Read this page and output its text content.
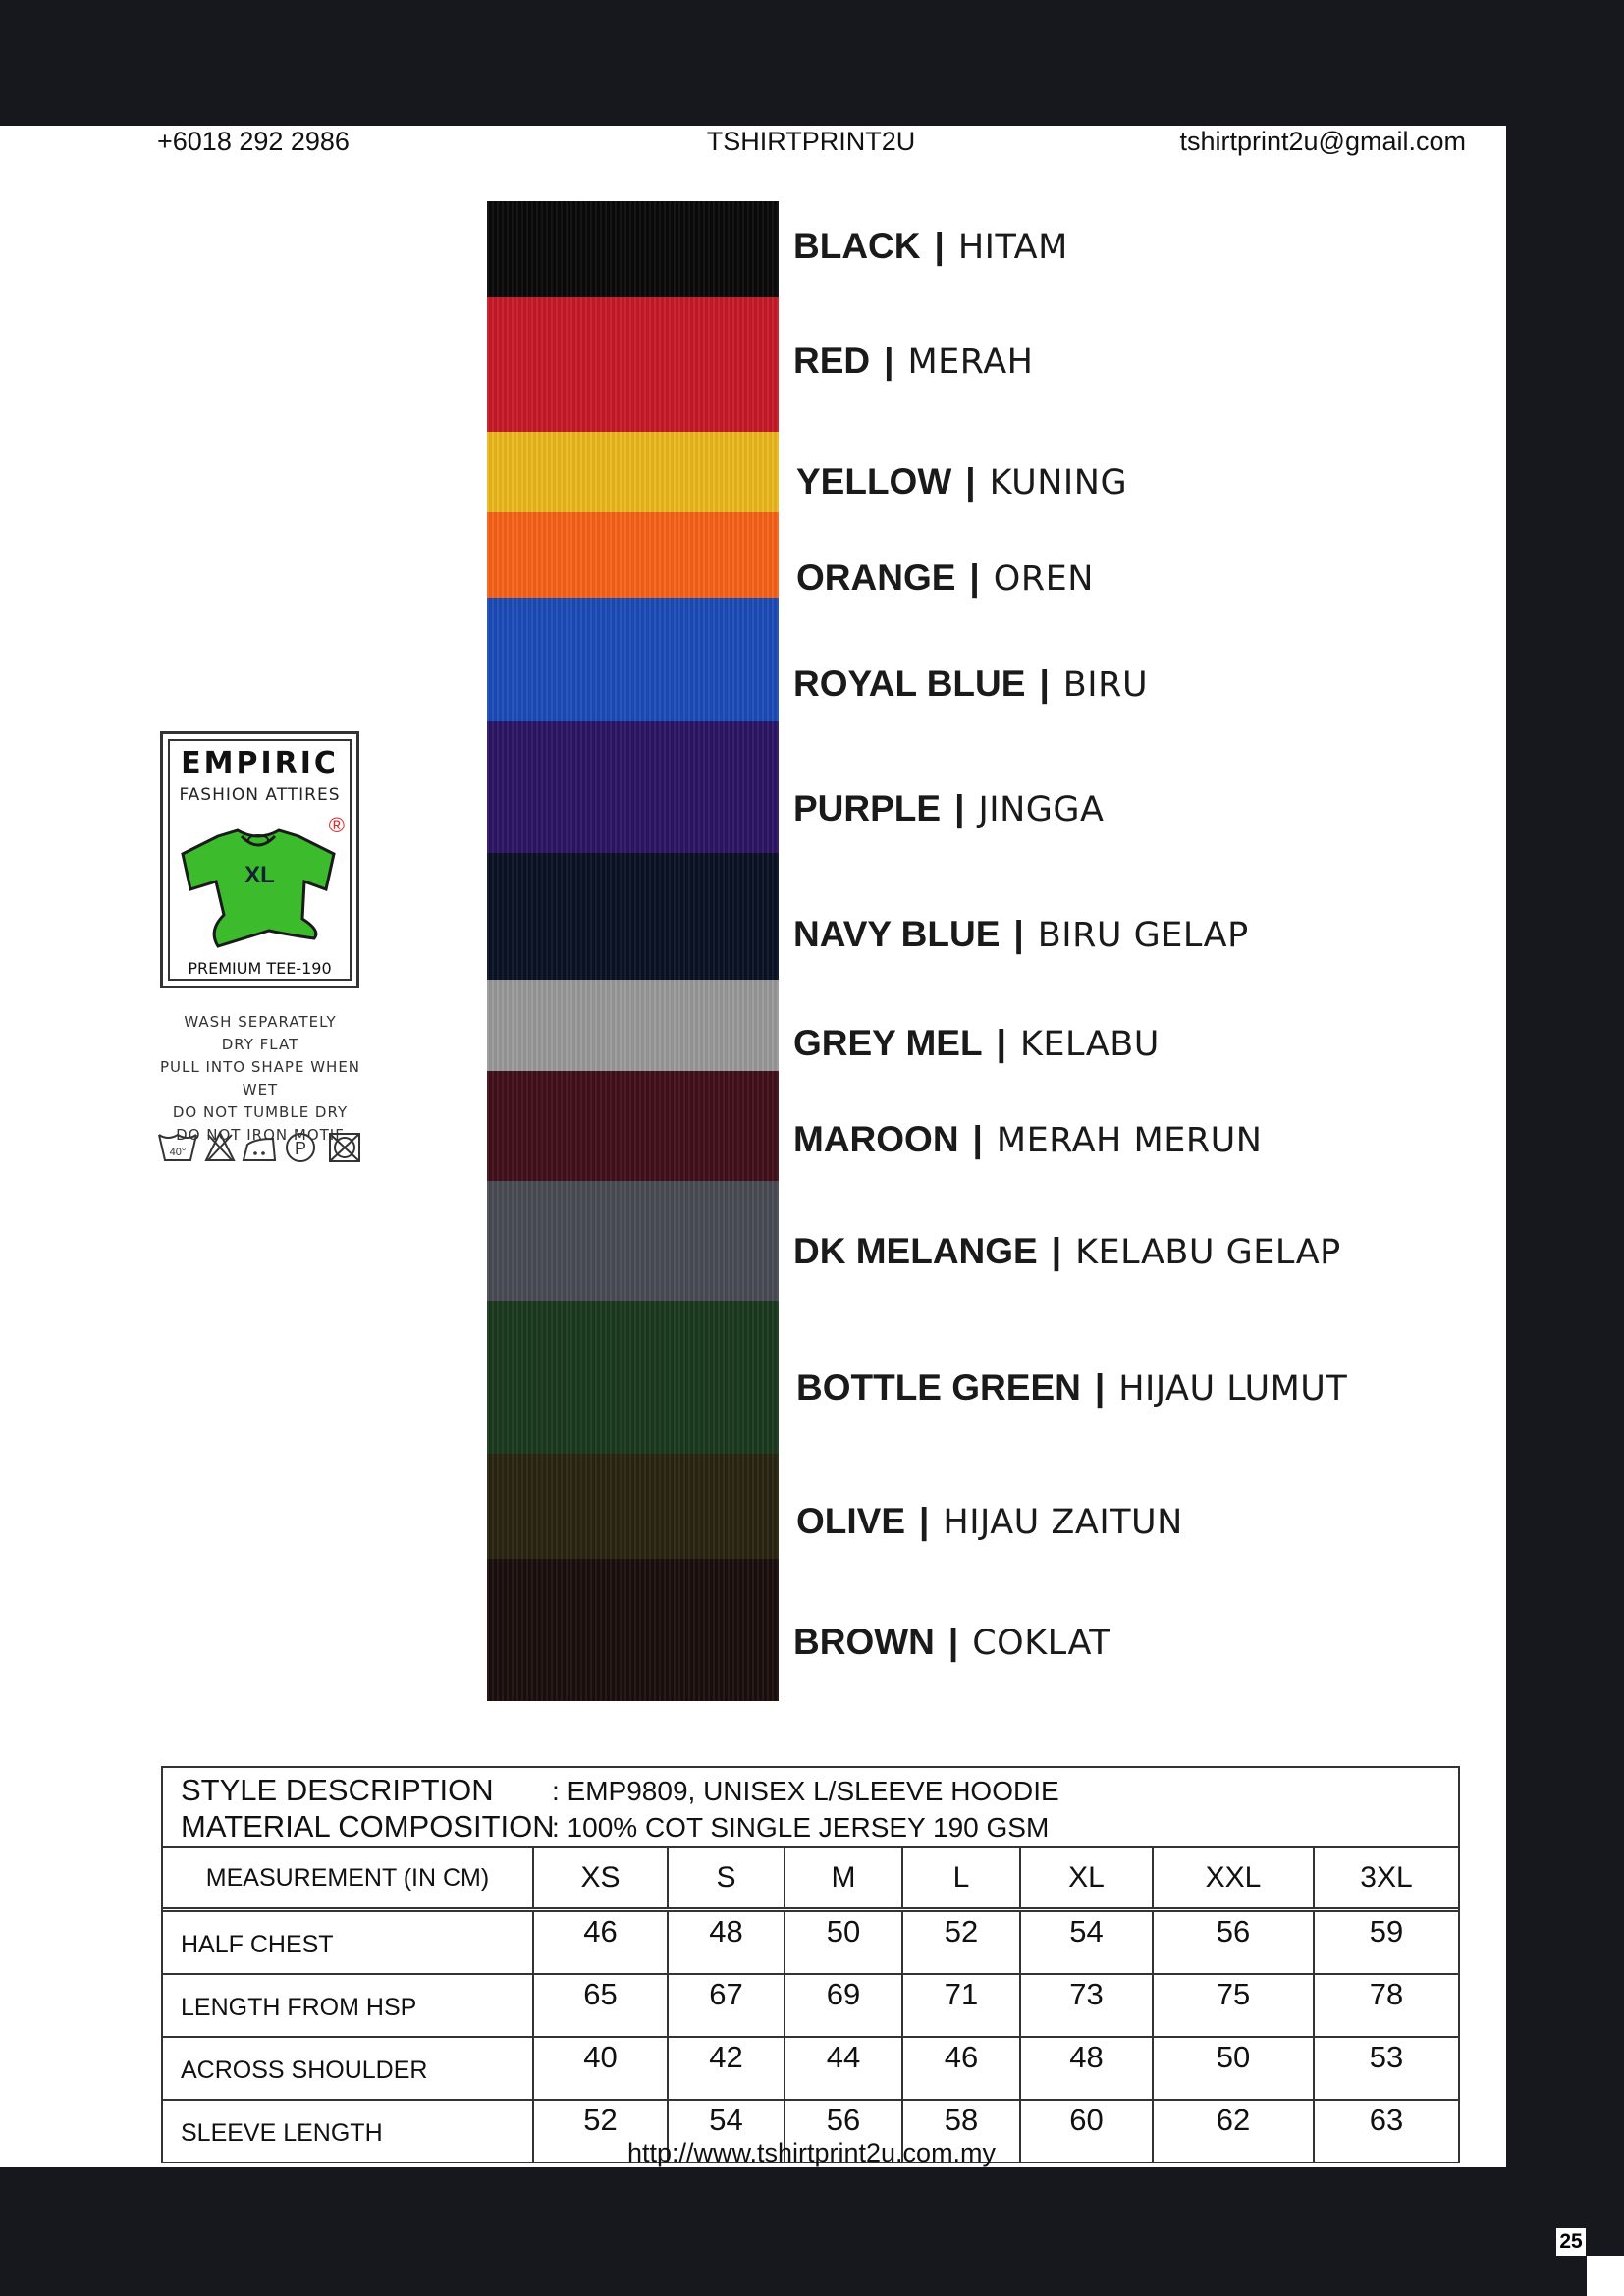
+6018 292 2986	TSHIRTPRINT2U	tshirtprint2u@gmail.com
BLACK | HITAM
RED | MERAH
YELLOW | KUNING
ORANGE | OREN
ROYAL BLUE | BIRU
PURPLE | JINGGA
NAVY BLUE | BIRU GELAP
GREY MEL | KELABU
MAROON | MERAH MERUN
DK MELANGE | KELABU GELAP
BOTTLE GREEN | HIJAU LUMUT
OLIVE | HIJAU ZAITUN
BROWN | COKLAT
EMPIRIC
FASHION ATTIRES
®
XL
PREMIUM TEE-190
WASH SEPARATELY
DRY FLAT
PULL INTO SHAPE WHEN WET
DO NOT TUMBLE DRY
DO NOT IRON MOTIF
40°	P
STYLE DESCRIPTION : EMP9809, UNISEX L/SLEEVE HOODIE
MATERIAL COMPOSITION: 100% COT SINGLE JERSEY 190 GSM
MEASUREMENT (IN CM)	XS	S	M	L	XL	XXL	3XL
HALF CHEST	46	48	50	52	54	56	59
LENGTH FROM HSP	65	67	69	71	73	75	78
ACROSS SHOULDER	40	42	44	46	48	50	53
SLEEVE LENGTH	52	54	56	58	60	62	63
http://www.tshirtprint2u.com.my
25
